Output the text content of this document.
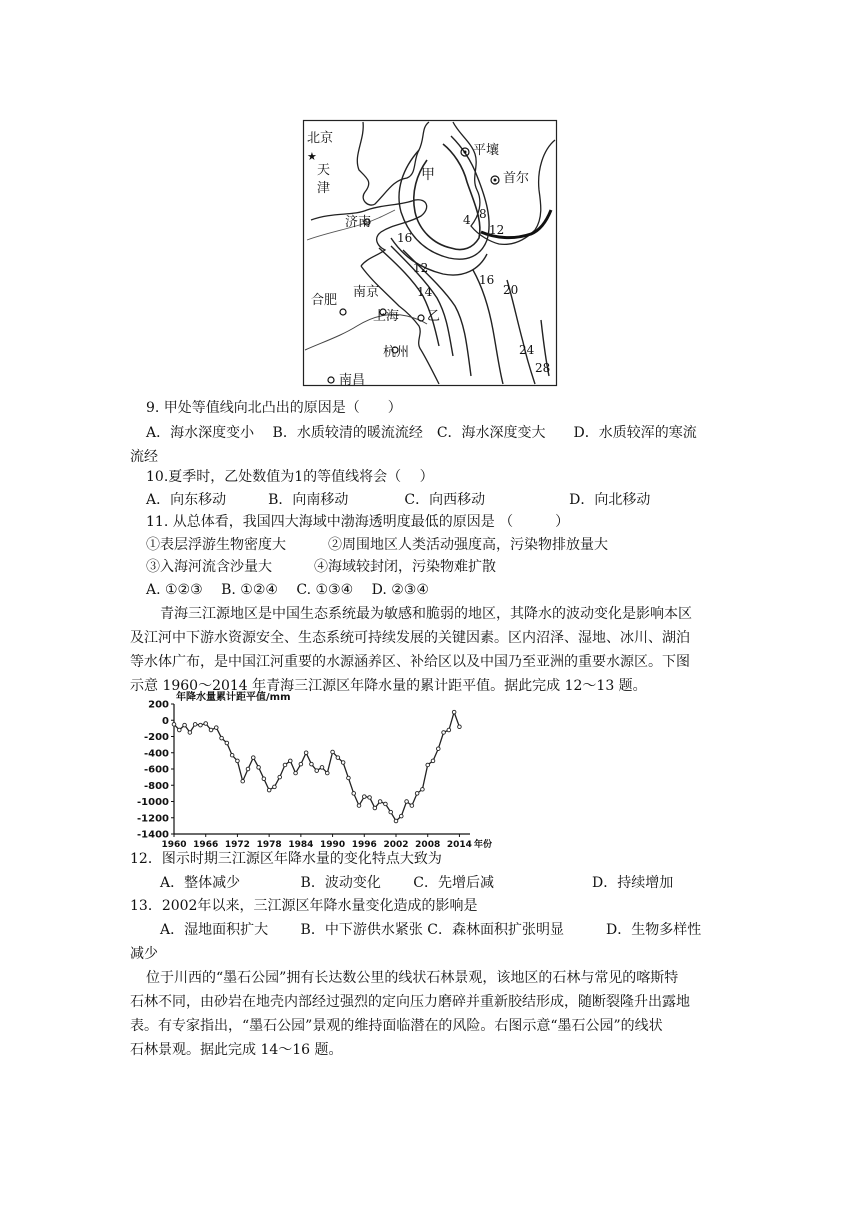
★
北京
天
津
济南
平壤
首尔
甲
合肥
南京
上海 乙
杭州
南昌
4 8
12
16
12
14
16
20
24
28
9. 甲处等值线向北凸出的原因是（　　）
A．海水深度变小　 B．水质较清的暖流流经　C．海水深度变大　　D．水质较浑的寒流
流经
10.夏季时，乙处数值为1的等值线将会（　 ）
A．向东移动　　　B．向南移动　　　　C．向西移动　　　　　　D．向北移动
11. 从总体看，我国四大海域中渤海透明度最低的原因是 （　　　）
①表层浮游生物密度大　　　②周围地区人类活动强度高，污染物排放量大
③入海河流含沙量大　　　④海域较封闭，污染物难扩散
A. ①②③　 B. ①②④　 C. ①③④　 D. ②③④
青海三江源地区是中国生态系统最为敏感和脆弱的地区，其降水的波动变化是影响本区
及江河中下游水资源安全、生态系统可持续发展的关键因素。区内沼泽、湿地、冰川、湖泊
等水体广布，是中国江河重要的水源涵养区、补给区以及中国乃至亚洲的重要水源区。下图
示意 1960～2014 年青海三江源区年降水量的累计距平值。据此完成 12～13 题。
年降水量累计距平值/mm
200
0
-200
-400
-600
-800
-1000
-1200
-1400
1960 1966 1972 1978 1984 1990 1996 2002 2008 2014 年份
12．图示时期三江源区年降水量的变化特点大致为
A．整体减少　　　　 B．波动变化　　 C．先增后减　　　　　　　D．持续增加
13．2002年以来，三江源区年降水量变化造成的影响是
A．湿地面积扩大　　 B．中下游供水紧张 C．森林面积扩张明显　　　D．生物多样性
减少
位于川西的“墨石公园”拥有长达数公里的线状石林景观，该地区的石林与常见的喀斯特
石林不同，由砂岩在地壳内部经过强烈的定向压力磨碎并重新胶结形成，随断裂隆升出露地
表。有专家指出，“墨石公园”景观的维持面临潜在的风险。右图示意“墨石公园”的线状
石林景观。据此完成 14～16 题。
